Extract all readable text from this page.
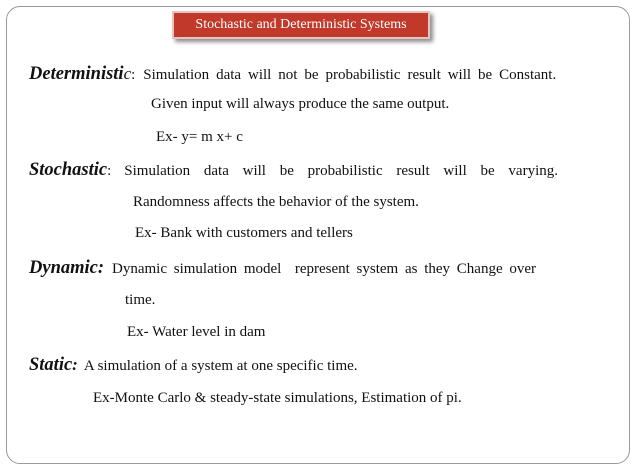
Stochastic and Deterministic Systems
Deterministic: Simulation data will not be probabilistic result will be Constant.
Given input will always produce the same output.
Ex- y= m x+ c
Stochastic: Simulation data will be probabilistic result will be varying.
Randomness affects the behavior of the system.
Ex- Bank with customers and tellers
Dynamic: Dynamic simulation model  represent system as they Change over
time.
Ex- Water level in dam
Static: A simulation of a system at one specific time.
Ex-Monte Carlo & steady-state simulations, Estimation of pi.
